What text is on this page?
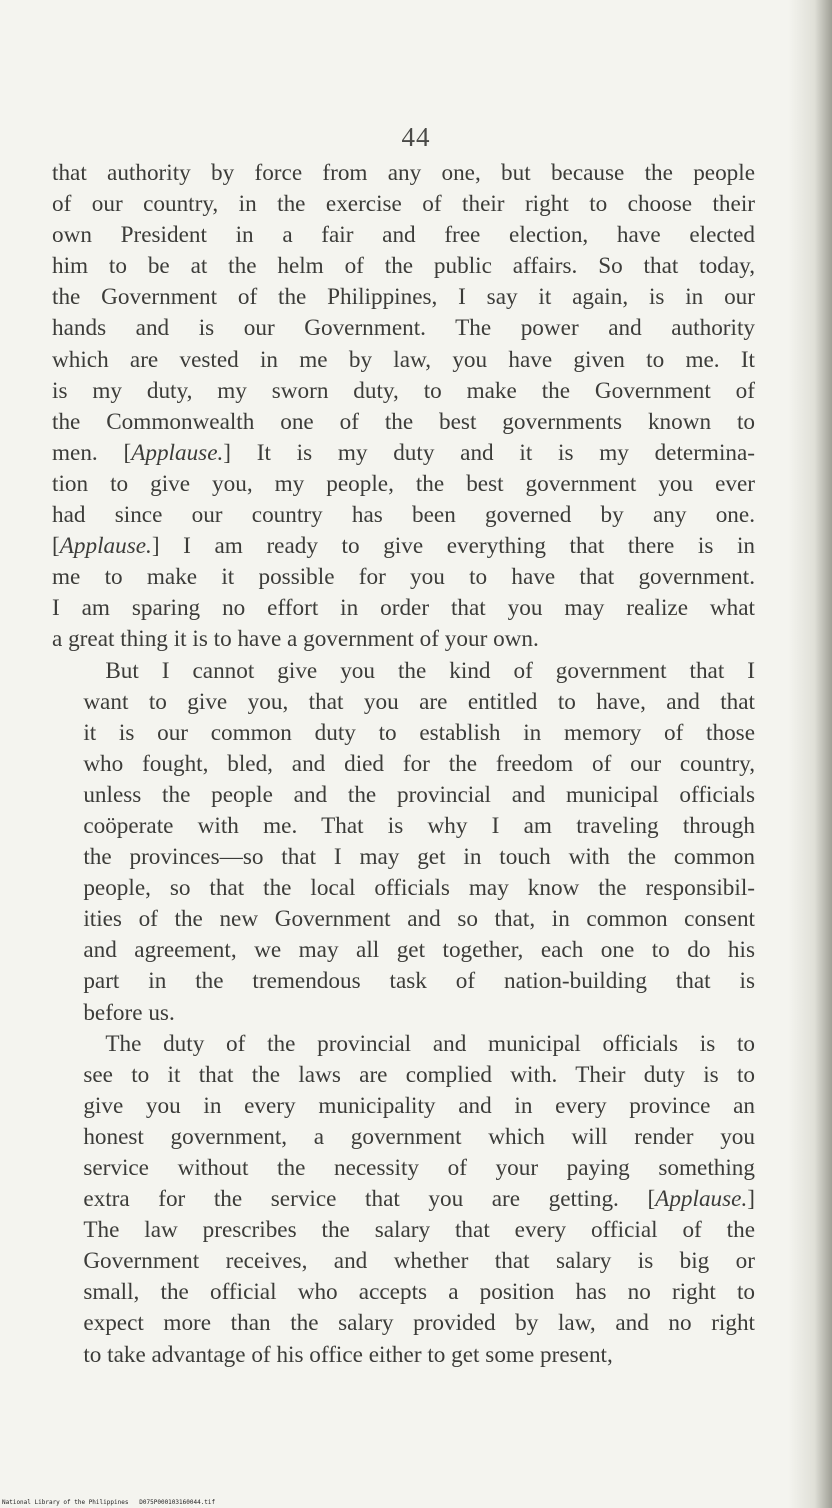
44
that authority by force from any one, but because the people
of our country, in the exercise of their right to choose their
own President in a fair and free election, have elected
him to be at the helm of the public affairs. So that today,
the Government of the Philippines, I say it again, is in our
hands and is our Government. The power and authority
which are vested in me by law, you have given to me. It
is my duty, my sworn duty, to make the Government of
the Commonwealth one of the best governments known to
men. [Applause.] It is my duty and it is my determina-
tion to give you, my people, the best government you ever
had since our country has been governed by any one.
[Applause.] I am ready to give everything that there is in
me to make it possible for you to have that government.
I am sparing no effort in order that you may realize what
a great thing it is to have a government of your own.
But I cannot give you the kind of government that I
want to give you, that you are entitled to have, and that
it is our common duty to establish in memory of those
who fought, bled, and died for the freedom of our country,
unless the people and the provincial and municipal officials
coöperate with me. That is why I am traveling through
the provinces—so that I may get in touch with the common
people, so that the local officials may know the responsibil-
ities of the new Government and so that, in common consent
and agreement, we may all get together, each one to do his
part in the tremendous task of nation-building that is
before us.
The duty of the provincial and municipal officials is to
see to it that the laws are complied with. Their duty is to
give you in every municipality and in every province an
honest government, a government which will render you
service without the necessity of your paying something
extra for the service that you are getting. [Applause.]
The law prescribes the salary that every official of the
Government receives, and whether that salary is big or
small, the official who accepts a position has no right to
expect more than the salary provided by law, and no right
to take advantage of his office either to get some present,
National Library of the Philippines D075P000103160044.tif
